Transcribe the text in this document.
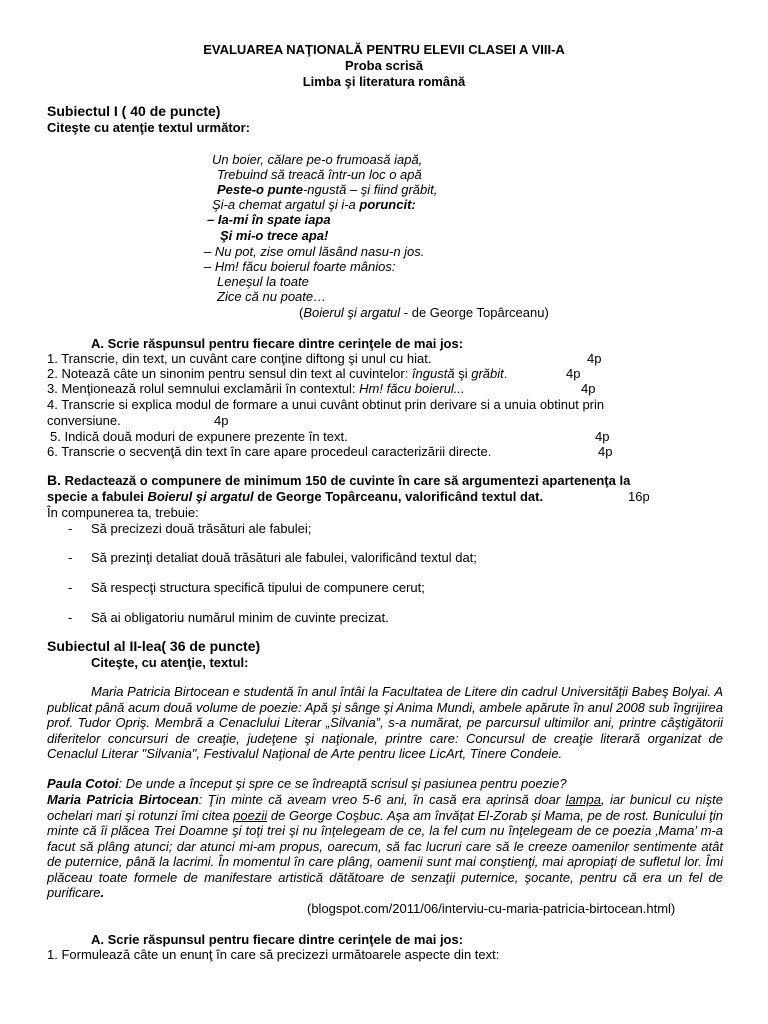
EVALUAREA NAŢIONALĂ PENTRU ELEVII CLASEI A VIII-A
Proba scrisă
Limba şi literatura română
Subiectul I ( 40 de puncte)
Citeşte cu atenţie textul următor:
Un boier, călare pe-o frumoasă iapă,
Trebuind să treacă într-un loc o apă
Peste-o punte-ngustă – şi fiind grăbit,
Şi-a chemat argatul şi i-a poruncit:
– Ia-mi în spate iapa
Şi mi-o trece apa!
– Nu pot, zise omul lăsând nasu-n jos.
– Hm! făcu boierul foarte mânios:
Leneşul la toate
Zice că nu poate…
(Boierul şi argatul - de George Topârceanu)
A. Scrie răspunsul pentru fiecare dintre cerinţele de mai jos:
1. Transcrie, din text, un cuvânt care conţine diftong şi unul cu hiat.	4p
2. Notează câte un sinonim pentru sensul din text al cuvintelor: îngustă şi grăbit.	4p
3. Menţionează rolul semnului exclamării în contextul: Hm! făcu boierul...	4p
4. Transcrie si explica modul de formare a unui cuvânt obtinut prin derivare si a unuia obtinut prin
conversiune.	4p
5. Indică două moduri de expunere prezente în text.	4p
6. Transcrie o secvenţă din text în care apare procedeul caracterizării directe.	4p
B. Redactează o compunere de minimum 150 de cuvinte în care să argumentezi apartenenţa la
specie a fabulei Boierul şi argatul de George Topârceanu, valorificând textul dat.	16p
În compunerea ta, trebuie:
- Să precizezi două trăsături ale fabulei;
- Să prezinţi detaliat două trăsături ale fabulei, valorificând textul dat;
- Să respecţi structura specifică tipului de compunere cerut;
- Să ai obligatoriu numărul minim de cuvinte precizat.
Subiectul al II-lea( 36 de puncte)
Citeşte, cu atenţie, textul:
Maria Patricia Birtocean e studentă în anul întâi la Facultatea de Litere din cadrul Universităţii Babeş Bolyai. A publicat până acum două volume de poezie: Apă şi sânge şi Anima Mundi, ambele apărute în anul 2008 sub îngrijirea prof. Tudor Opriş. Membră a Cenaclului Literar „Silvania”, s-a numărat, pe parcursul ultimilor ani, printre câştigătorii diferitelor concursuri de creaţie, judeţene şi naţionale, printre care: Concursul de creaţie literară organizat de Cenaclul Literar "Silvania", Festivalul Naţional de Arte pentru licee LicArt, Tinere Condeie.
Paula Cotoi: De unde a început şi spre ce se îndreaptă scrisul şi pasiunea pentru poezie?
Maria Patricia Birtocean: Ţin minte că aveam vreo 5-6 ani, în casă era aprinsă doar lampa, iar bunicul cu nişte ochelari mari şi rotunzi îmi citea poezii de George Coşbuc. Aşa am învăţat El-Zorab şi Mama, pe de rost. Bunicului ţin minte că îi plăcea Trei Doamne şi toţi trei şi nu înţelegeam de ce, la fel cum nu înţelegeam de ce poezia ‚Mama’ m-a facut să plâng atunci; dar atunci mi-am propus, oarecum, să fac lucruri care să le creeze oamenilor sentimente atât de puternice, până la lacrimi. În momentul în care plâng, oamenii sunt mai conştienţi, mai apropiaţi de sufletul lor. Îmi plăceau toate formele de manifestare artistică dătătoare de senzaţii puternice, şocante, pentru că era un fel de purificare.
(blogspot.com/2011/06/interviu-cu-maria-patricia-birtocean.html)
A. Scrie răspunsul pentru fiecare dintre cerinţele de mai jos:
1. Formulează câte un enunţ în care să precizezi următoarele aspecte din text:
